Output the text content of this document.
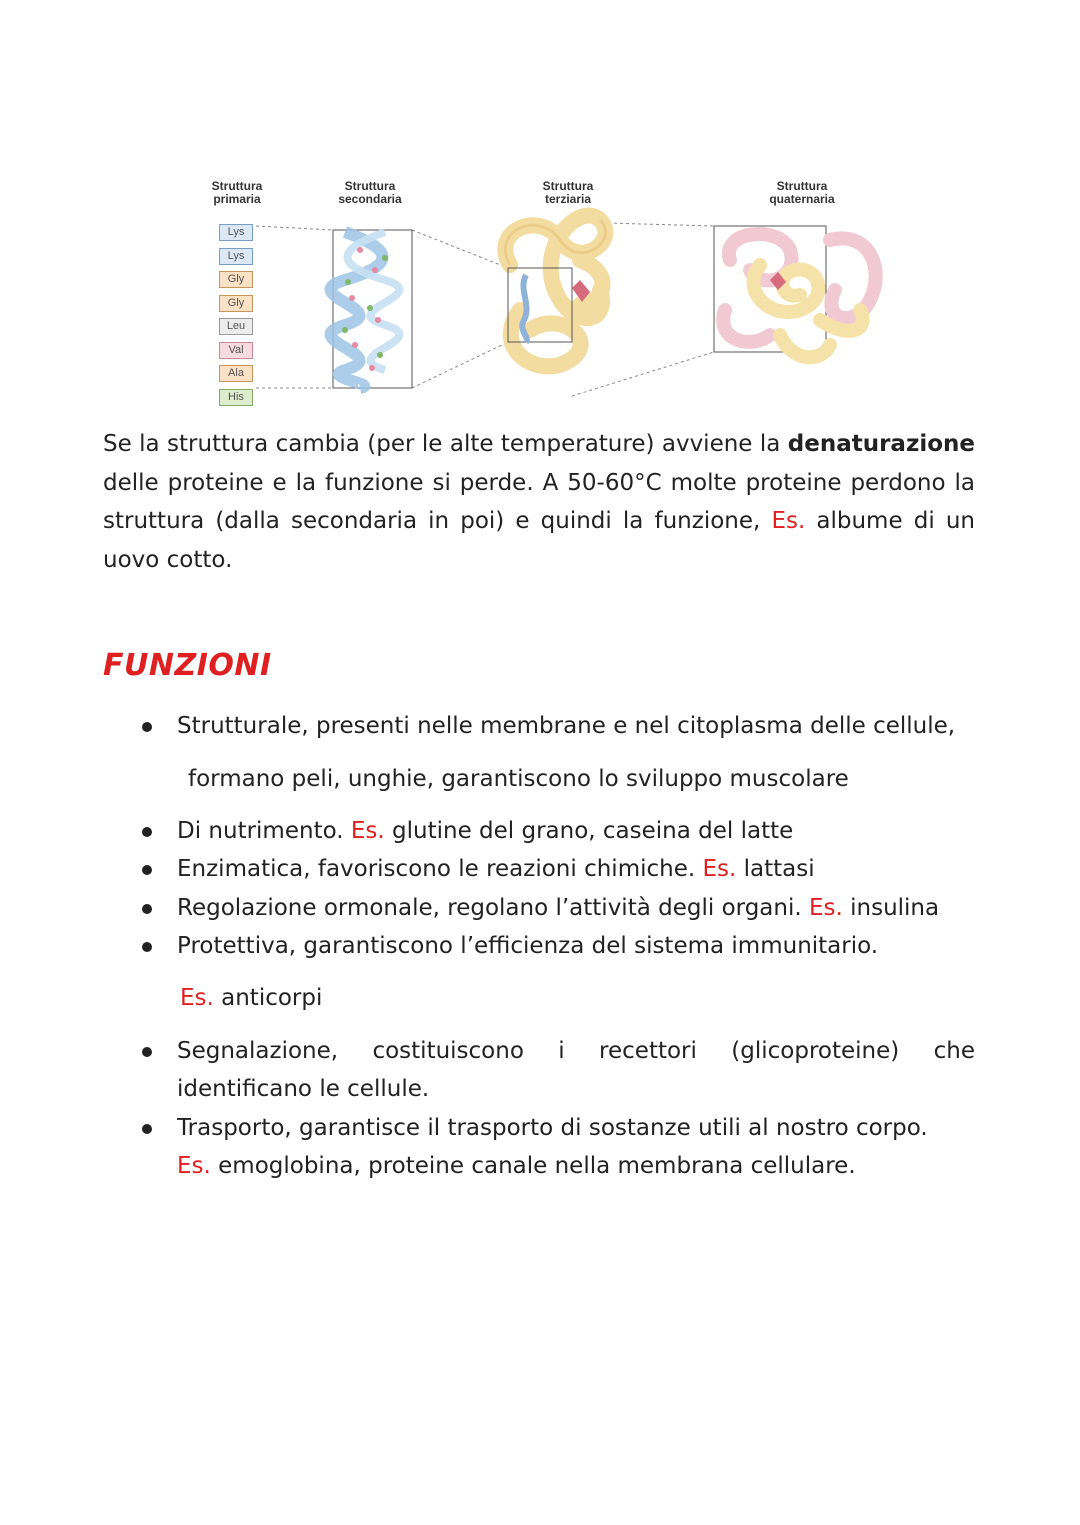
Struttura
primaria
Struttura
secondaria
Struttura
terziaria
Struttura
quaternaria
Lys
Lys
Gly
Gly
Leu
Val
Ala
His

Se la struttura cambia (per le alte temperature) avviene la denaturazione delle proteine e la funzione si perde. A 50-60°C molte proteine perdono la struttura (dalla secondaria in poi) e quindi la funzione, Es. albume di un uovo cotto.

FUNZIONI
Strutturale, presenti nelle membrane e nel citoplasma delle cellule,
formano peli, unghie, garantiscono lo sviluppo muscolare
Di nutrimento. Es. glutine del grano, caseina del latte
Enzimatica, favoriscono le reazioni chimiche. Es. lattasi
Regolazione ormonale, regolano l’attività degli organi. Es. insulina
Protettiva, garantiscono l’efficienza del sistema immunitario.
Es. anticorpi
Segnalazione, costituiscono i recettori (glicoproteine) che
identificano le cellule.
Trasporto, garantisce il trasporto di sostanze utili al nostro corpo.
Es. emoglobina, proteine canale nella membrana cellulare.
